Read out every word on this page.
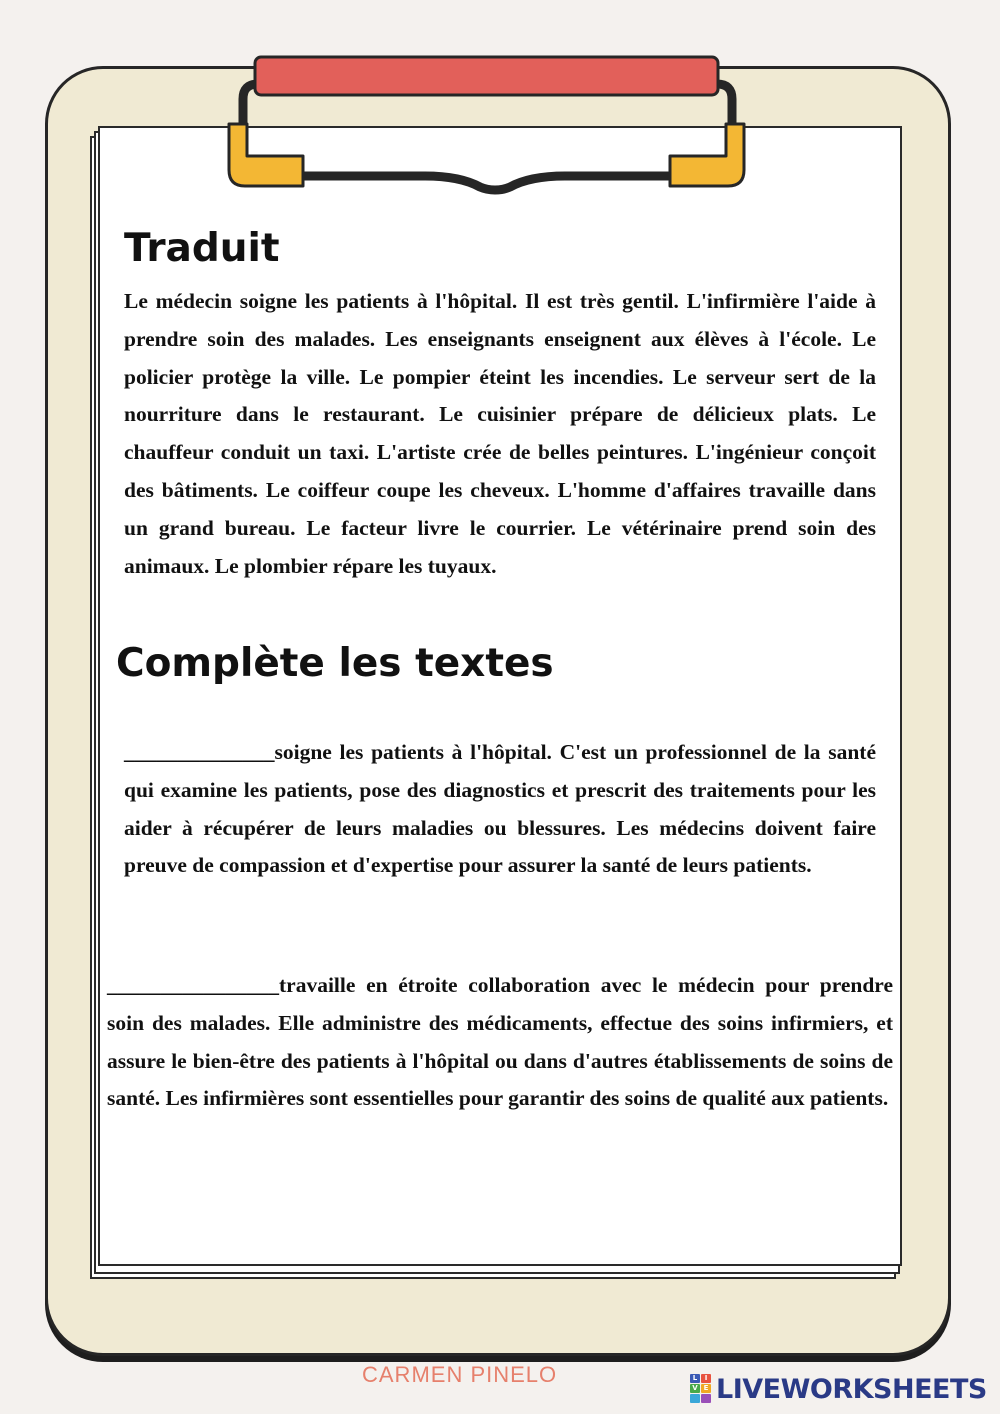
Traduit

Le médecin soigne les patients à l'hôpital. Il est très gentil. L'infirmière l'aide à prendre soin des malades. Les enseignants enseignent aux élèves à l'école. Le policier protège la ville. Le pompier éteint les incendies. Le serveur sert de la nourriture dans le restaurant. Le cuisinier prépare de délicieux plats. Le chauffeur conduit un taxi. L'artiste crée de belles peintures. L'ingénieur conçoit des bâtiments. Le coiffeur coupe les cheveux. L'homme d'affaires travaille dans un grand bureau. Le facteur livre le courrier. Le vétérinaire prend soin des animaux. Le plombier répare les tuyaux.

Complète les textes

______________soigne les patients à l'hôpital. C'est un professionnel de la santé qui examine les patients, pose des diagnostics et prescrit des traitements pour les aider à récupérer de leurs maladies ou blessures. Les médecins doivent faire preuve de compassion et d'expertise pour assurer la santé de leurs patients.

________________travaille en étroite collaboration avec le médecin pour prendre soin des malades. Elle administre des médicaments, effectue des soins infirmiers, et assure le bien-être des patients à l'hôpital ou dans d'autres établissements de soins de santé. Les infirmières sont essentielles pour garantir des soins de qualité aux patients.

CARMEN PINELO	L	I
V E LIVEWORKSHEETS
